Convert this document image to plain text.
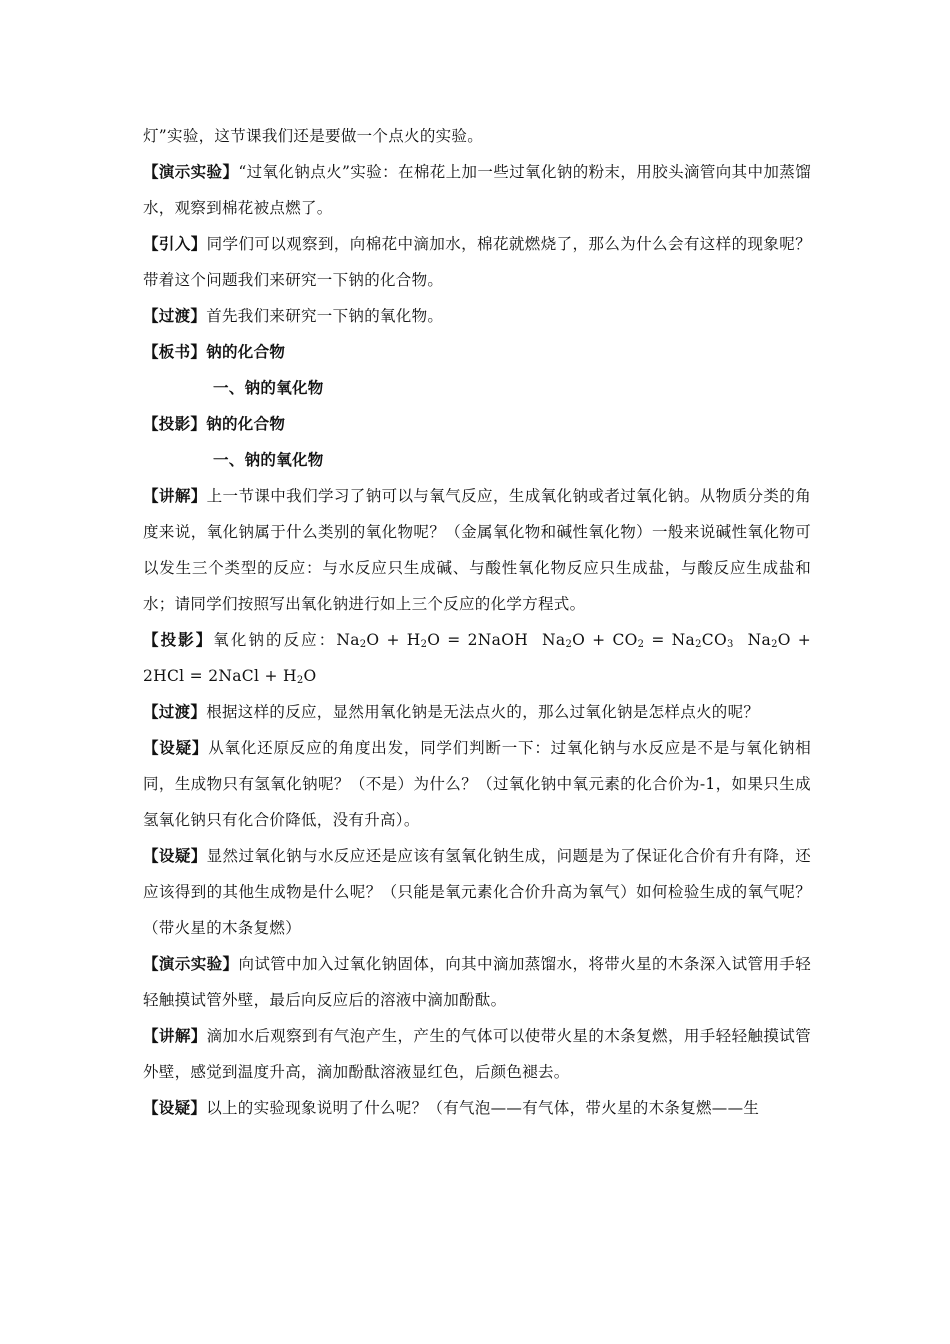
灯”实验，这节课我们还是要做一个点火的实验。

【演示实验】“过氧化钠点火”实验：在棉花上加一些过氧化钠的粉末，用胶头滴管向其中加蒸馏水，观察到棉花被点燃了。

【引入】同学们可以观察到，向棉花中滴加水，棉花就燃烧了，那么为什么会有这样的现象呢？带着这个问题我们来研究一下钠的化合物。

【过渡】首先我们来研究一下钠的氧化物。

【板书】钠的化合物

一、钠的氧化物

【投影】钠的化合物

一、钠的氧化物

【讲解】上一节课中我们学习了钠可以与氧气反应，生成氧化钠或者过氧化钠。从物质分类的角度来说，氧化钠属于什么类别的氧化物呢？（金属氧化物和碱性氧化物）一般来说碱性氧化物可以发生三个类型的反应：与水反应只生成碱、与酸性氧化物反应只生成盐，与酸反应生成盐和水；请同学们按照写出氧化钠进行如上三个反应的化学方程式。

【投影】氧化钠的反应：$Na_2O + H_2O$ = 2NaOH $Na_2O + CO_2 = Na_2CO_3$ $Na_2O + 2HCl$ = 2NaCl + $H_2O$

【过渡】根据这样的反应，显然用氧化钠是无法点火的，那么过氧化钠是怎样点火的呢？

【设疑】从氧化还原反应的角度出发，同学们判断一下：过氧化钠与水反应是不是与氧化钠相同，生成物只有氢氧化钠呢？（不是）为什么？（过氧化钠中氧元素的化合价为-1，如果只生成氢氧化钠只有化合价降低，没有升高）。

【设疑】显然过氧化钠与水反应还是应该有氢氧化钠生成，问题是为了保证化合价有升有降，还应该得到的其他生成物是什么呢？（只能是氧元素化合价升高为氧气）如何检验生成的氧气呢？（带火星的木条复燃）

【演示实验】向试管中加入过氧化钠固体，向其中滴加蒸馏水，将带火星的木条深入试管用手轻轻触摸试管外壁，最后向反应后的溶液中滴加酚酞。

【讲解】滴加水后观察到有气泡产生，产生的气体可以使带火星的木条复燃，用手轻轻触摸试管外壁，感觉到温度升高，滴加酚酞溶液显红色，后颜色褪去。

【设疑】以上的实验现象说明了什么呢？（有气泡——有气体，带火星的木条复燃——生
